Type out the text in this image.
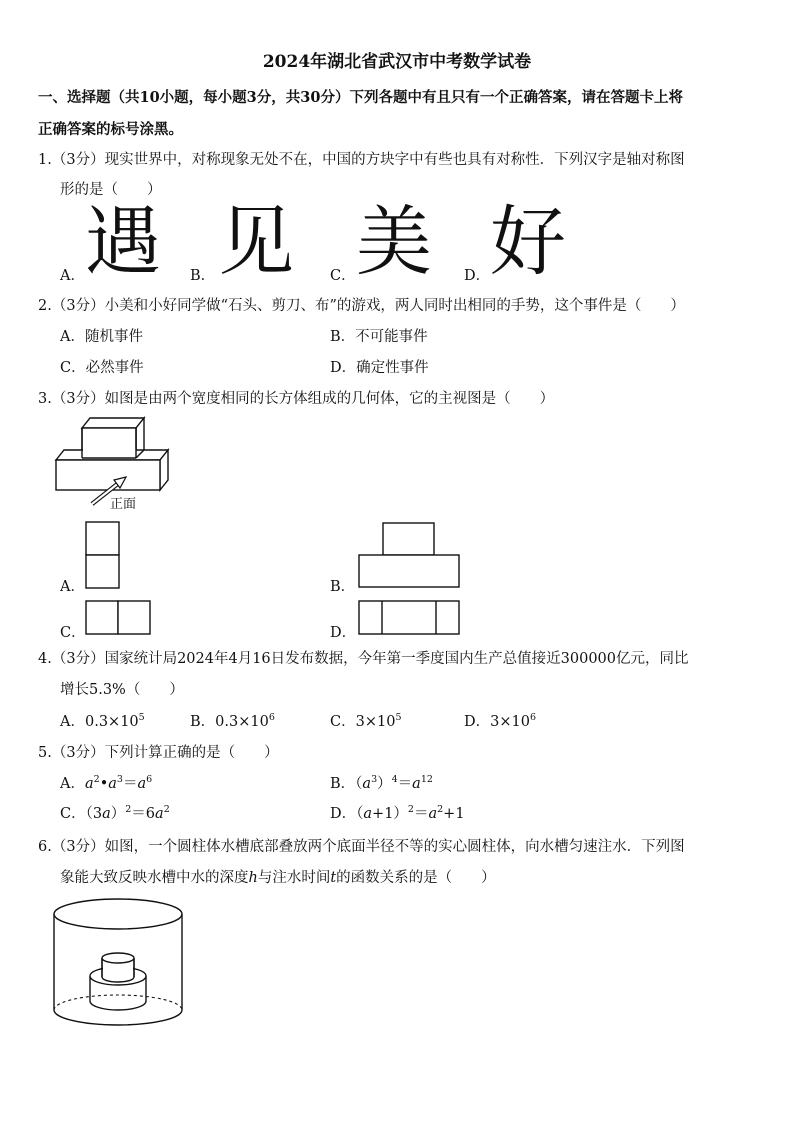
2024年湖北省武汉市中考数学试卷
一、选择题（共10小题，每小题3分，共30分）下列各题中有且只有一个正确答案，请在答题卡上将
正确答案的标号涂黑。
1.（3分）现实世界中，对称现象无处不在，中国的方块字中有些也具有对称性．下列汉字是轴对称图
形的是（　　）
A． 遇 B． 见 C． 美 D． 好
2.（3分）小美和小好同学做“石头、剪刀、布”的游戏，两人同时出相同的手势，这个事件是（　　）
A．随机事件	B．不可能事件
C．必然事件	D．确定性事件
3.（3分）如图是由两个宽度相同的长方体组成的几何体，它的主视图是（　　）
正面
A．	B．
C．	D．
4.（3分）国家统计局2024年4月16日发布数据，今年第一季度国内生产总值接近300000亿元，同比
增长5.3%（　　）
A．$0.3\times 10^5$	B．$0.3\times 10^6$	C．$3\times 10^5$	D．$3\times 10^6$
5.（3分）下列计算正确的是（　　）
A．$a^2•a^3=a^6$	B．$(a^3)^4=a^{12}$
C．$(3a)^2=6a^2$	D．$(a+1)^2=a^2+1$
6.（3分）如图，一个圆柱体水槽底部叠放两个底面半径不等的实心圆柱体，向水槽匀速注水．下列图
象能大致反映水槽中水的深度h与注水时间t的函数关系的是（　　）
